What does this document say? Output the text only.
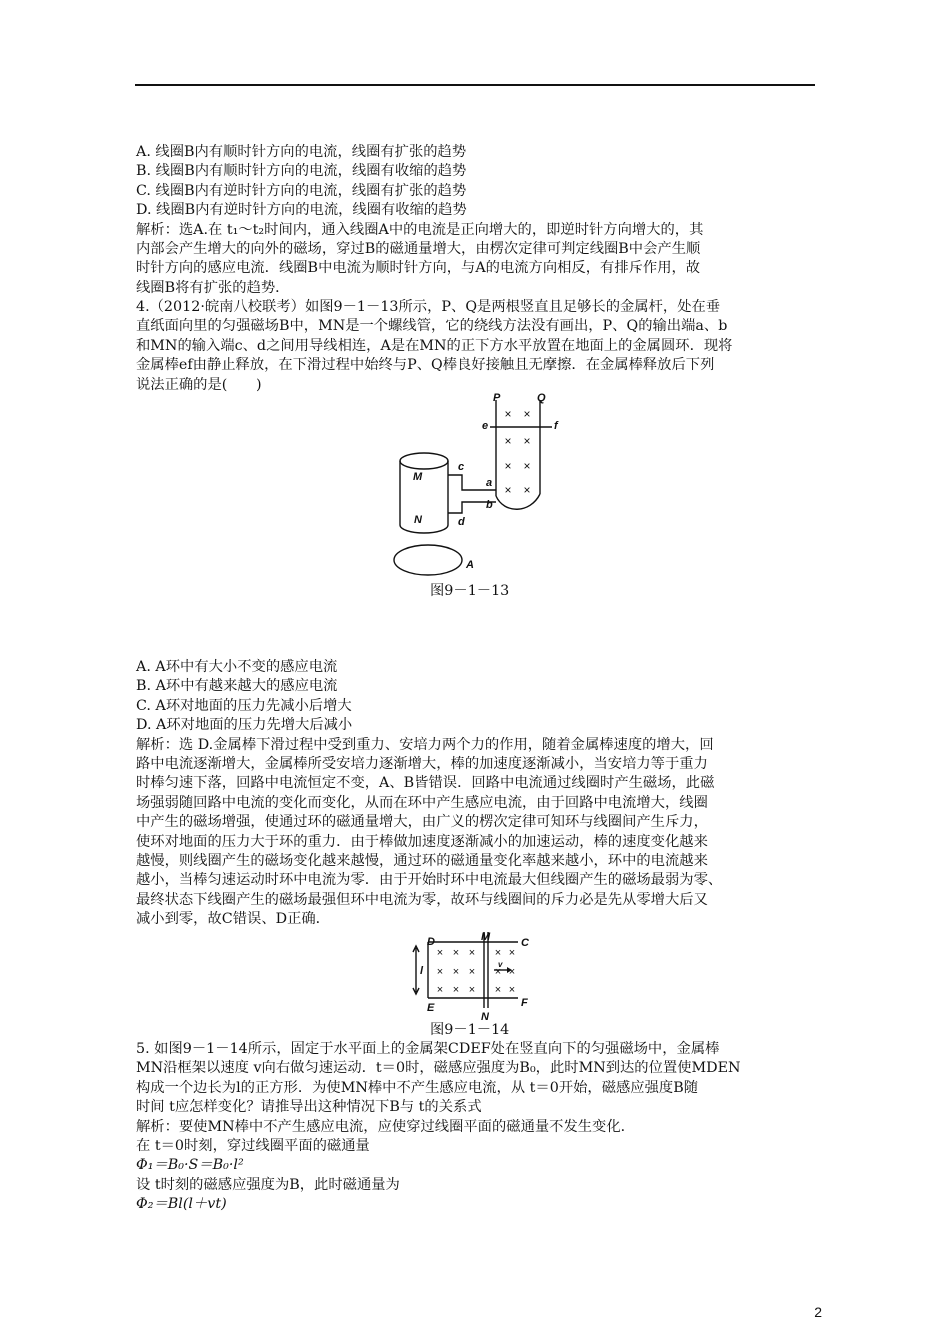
A. 线圈B内有顺时针方向的电流，线圈有扩张的趋势

B. 线圈B内有顺时针方向的电流，线圈有收缩的趋势

C. 线圈B内有逆时针方向的电流，线圈有扩张的趋势

D. 线圈B内有逆时针方向的电流，线圈有收缩的趋势

解析：选A.在 t₁～t₂时间内，通入线圈A中的电流是正向增大的，即逆时针方向增大的，其

内部会产生增大的向外的磁场，穿过B的磁通量增大，由楞次定律可判定线圈B中会产生顺

时针方向的感应电流．线圈B中电流为顺时针方向，与A的电流方向相反，有排斥作用，故

线圈B将有扩张的趋势．

4.（2012·皖南八校联考）如图9－1－13所示，P、Q是两根竖直且足够长的金属杆，处在垂

直纸面向里的匀强磁场B中，MN是一个螺线管，它的绕线方法没有画出，P、Q的输出端a、b

和MN的输入端c、d之间用导线相连，A是在MN的正下方水平放置在地面上的金属圆环．现将

金属棒ef由静止释放，在下滑过程中始终与P、Q棒良好接触且无摩擦．在金属棒释放后下列

说法正确的是(　　)

P	Q
e	f
M
N
c
d
a
b
A
× ×
× ×
× ×
× ×
图9－1－13

A. A环中有大小不变的感应电流

B. A环中有越来越大的感应电流

C. A环对地面的压力先减小后增大

D. A环对地面的压力先增大后减小

解析：选 D.金属棒下滑过程中受到重力、安培力两个力的作用，随着金属棒速度的增大，回

路中电流逐渐增大，金属棒所受安培力逐渐增大，棒的加速度逐渐减小，当安培力等于重力

时棒匀速下落，回路中电流恒定不变，A、B皆错误．回路中电流通过线圈时产生磁场，此磁

场强弱随回路中电流的变化而变化，从而在环中产生感应电流，由于回路中电流增大，线圈

中产生的磁场增强，使通过环的磁通量增大，由广义的楞次定律可知环与线圈间产生斥力，

使环对地面的压力大于环的重力．由于棒做加速度逐渐减小的加速运动，棒的速度变化越来

越慢，则线圈产生的磁场变化越来越慢，通过环的磁通量变化率越来越小，环中的电流越来

越小，当棒匀速运动时环中电流为零．由于开始时环中电流最大但线圈产生的磁场最弱为零、

最终状态下线圈产生的磁场最强但环中电流为零，故环与线圈间的斥力必是先从零增大后又

减小到零，故C错误、D正确．

D	M	C
l
v
E
N
F
× × × × ×
× × × × ×
× × × × ×
图9－1－14

5. 如图9－1－14所示，固定于水平面上的金属架CDEF处在竖直向下的匀强磁场中，金属棒

MN沿框架以速度 v向右做匀速运动．t＝0时，磁感应强度为B₀，此时MN到达的位置使MDEN

构成一个边长为l的正方形．为使MN棒中不产生感应电流，从 t＝0开始，磁感应强度B随

时间 t应怎样变化？请推导出这种情况下B与 t的关系式

解析：要使MN棒中不产生感应电流，应使穿过线圈平面的磁通量不发生变化．

在 t＝0时刻，穿过线圈平面的磁通量

Φ₁＝B₀·S＝B₀·l²

设 t时刻的磁感应强度为B，此时磁通量为

Φ₂＝Bl(l＋vt)

2
